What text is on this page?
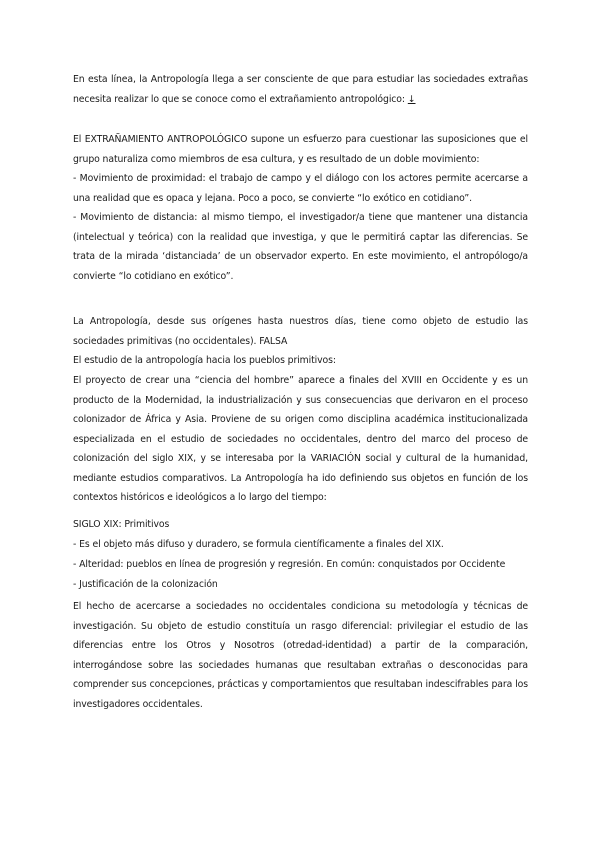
En esta línea, la Antropología llega a ser consciente de que para estudiar las sociedades extrañas necesita realizar lo que se conoce como el extrañamiento antropológico: ↓

El EXTRAÑAMIENTO ANTROPOLÓGICO supone un esfuerzo para cuestionar las suposiciones que el grupo naturaliza como miembros de esa cultura, y es resultado de un doble movimiento:

- Movimiento de proximidad: el trabajo de campo y el diálogo con los actores permite acercarse a una realidad que es opaca y lejana. Poco a poco, se convierte “lo exótico en cotidiano”.

- Movimiento de distancia: al mismo tiempo, el investigador/a tiene que mantener una distancia (intelectual y teórica) con la realidad que investiga, y que le permitirá captar las diferencias. Se trata de la mirada ‘distanciada’ de un observador experto. En este movimiento, el antropólogo/a convierte “lo cotidiano en exótico”.

La Antropología, desde sus orígenes hasta nuestros días, tiene como objeto de estudio las sociedades primitivas (no occidentales). FALSA

El estudio de la antropología hacia los pueblos primitivos:

El proyecto de crear una “ciencia del hombre” aparece a finales del XVIII en Occidente y es un producto de la Modernidad, la industrialización y sus consecuencias que derivaron en el proceso colonizador de África y Asia. Proviene de su origen como disciplina académica institucionalizada especializada en el estudio de sociedades no occidentales, dentro del marco del proceso de colonización del siglo XIX, y se interesaba por la VARIACIÓN social y cultural de la humanidad, mediante estudios comparativos. La Antropología ha ido definiendo sus objetos en función de los contextos históricos e ideológicos a lo largo del tiempo:

SIGLO XIX: Primitivos

- Es el objeto más difuso y duradero, se formula científicamente a finales del XIX.

- Alteridad: pueblos en línea de progresión y regresión. En común: conquistados por Occidente

- Justificación de la colonización

El hecho de acercarse a sociedades no occidentales condiciona su metodología y técnicas de investigación. Su objeto de estudio constituía un rasgo diferencial: privilegiar el estudio de las diferencias entre los Otros y Nosotros (otredad-identidad) a partir de la comparación, interrogándose sobre las sociedades humanas que resultaban extrañas o desconocidas para comprender sus concepciones, prácticas y comportamientos que resultaban indescifrables para los investigadores occidentales.
